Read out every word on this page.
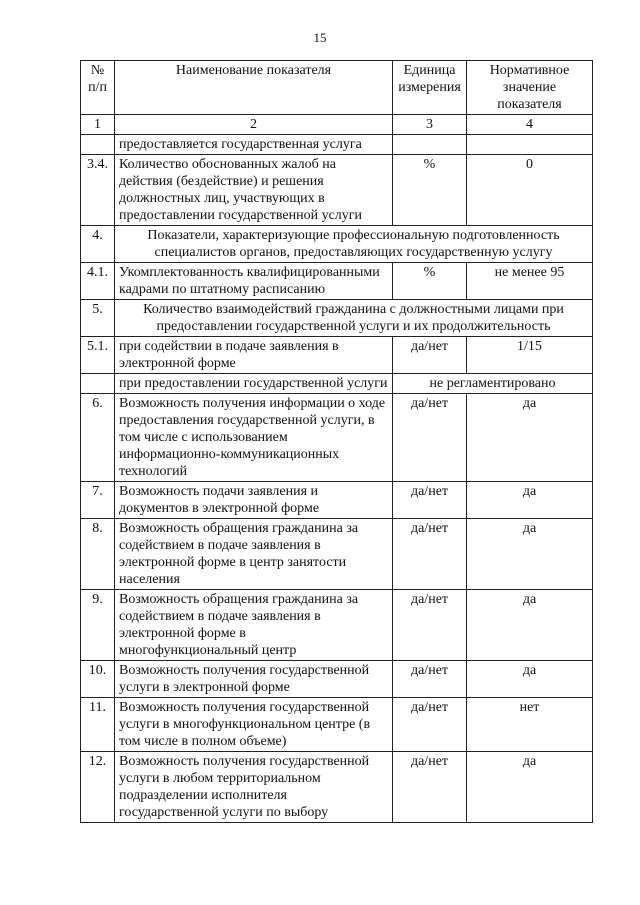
15
№ п/п	Наименование показателя	Единица измерения	Нормативное значение показателя
1	2	3	4
	предоставляется государственная услуга		
3.4.	Количество обоснованных жалоб на действия (бездействие) и решения должностных лиц, участвующих в предоставлении государственной услуги	%	0
4.	Показатели, характеризующие профессиональную подготовленность специалистов органов, предоставляющих государственную услугу		
4.1.	Укомплектованность квалифицированными кадрами по штатному расписанию	%	не менее 95
5.	Количество взаимодействий гражданина с должностными лицами при предоставлении государственной услуги и их продолжительность		
5.1.	при содействии в подаче заявления в электронной форме	да/нет	1/15
	при предоставлении государственной услуги	не регламентировано	
6.	Возможность получения информации о ходе предоставления государственной услуги, в том числе с использованием информационно-коммуникационных технологий	да/нет	да
7.	Возможность подачи заявления и документов в электронной форме	да/нет	да
8.	Возможность обращения гражданина за содействием в подаче заявления в электронной форме в центр занятости населения	да/нет	да
9.	Возможность обращения гражданина за содействием в подаче заявления в электронной форме в многофункциональный центр	да/нет	да
10.	Возможность получения государственной услуги в электронной форме	да/нет	да
11.	Возможность получения государственной услуги в многофункциональном центре (в том числе в полном объеме)	да/нет	нет
12.	Возможность получения государственной услуги в любом территориальном подразделении исполнителя государственной услуги по выбору	да/нет	да
